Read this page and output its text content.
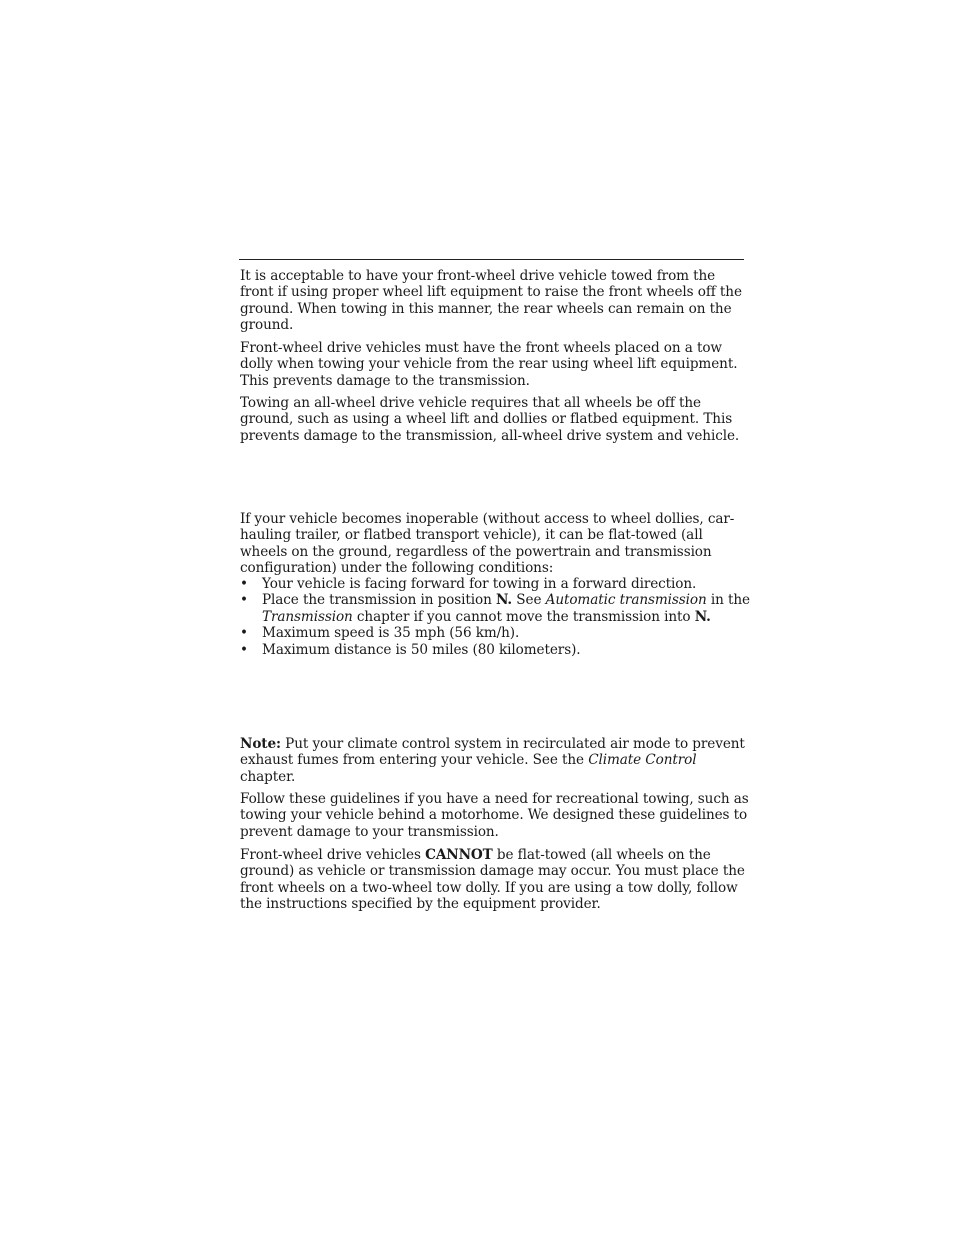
It is acceptable to have your front-wheel drive vehicle towed from the front if using proper wheel lift equipment to raise the front wheels off the ground. When towing in this manner, the rear wheels can remain on the ground.

Front-wheel drive vehicles must have the front wheels placed on a tow dolly when towing your vehicle from the rear using wheel lift equipment. This prevents damage to the transmission.

Towing an all-wheel drive vehicle requires that all wheels be off the ground, such as using a wheel lift and dollies or flatbed equipment. This prevents damage to the transmission, all-wheel drive system and vehicle.

If your vehicle becomes inoperable (without access to wheel dollies, car-hauling trailer, or flatbed transport vehicle), it can be flat-towed (all wheels on the ground, regardless of the powertrain and transmission configuration) under the following conditions:

• Your vehicle is facing forward for towing in a forward direction.
• Place the transmission in position N. See Automatic transmission in the Transmission chapter if you cannot move the transmission into N.
• Maximum speed is 35 mph (56 km/h).
• Maximum distance is 50 miles (80 kilometers).

Note: Put your climate control system in recirculated air mode to prevent exhaust fumes from entering your vehicle. See the Climate Control chapter.

Follow these guidelines if you have a need for recreational towing, such as towing your vehicle behind a motorhome. We designed these guidelines to prevent damage to your transmission.

Front-wheel drive vehicles CANNOT be flat-towed (all wheels on the ground) as vehicle or transmission damage may occur. You must place the front wheels on a two-wheel tow dolly. If you are using a tow dolly, follow the instructions specified by the equipment provider.
